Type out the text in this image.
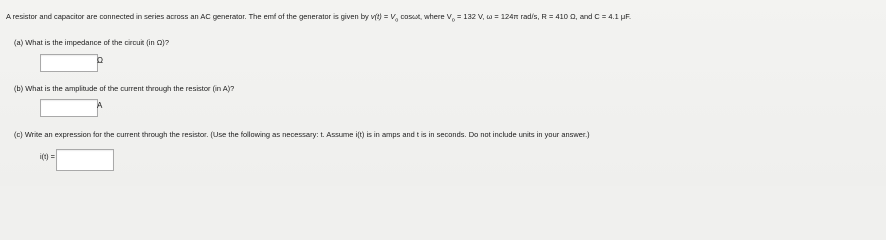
A resistor and capacitor are connected in series across an AC generator. The emf of the generator is given by $v(t) = V_o$ cosωt, where $V_o = 132$ V, ω = 124π rad/s, R = 410 Ω, and C = 4.1 μF.
(a) What is the impedance of the circuit (in Ω)?
Ω
(b) What is the amplitude of the current through the resistor (in A)?
A
(c) Write an expression for the current through the resistor. (Use the following as necessary: t. Assume i(t) is in amps and t is in seconds. Do not include units in your answer.)
i(t) =
